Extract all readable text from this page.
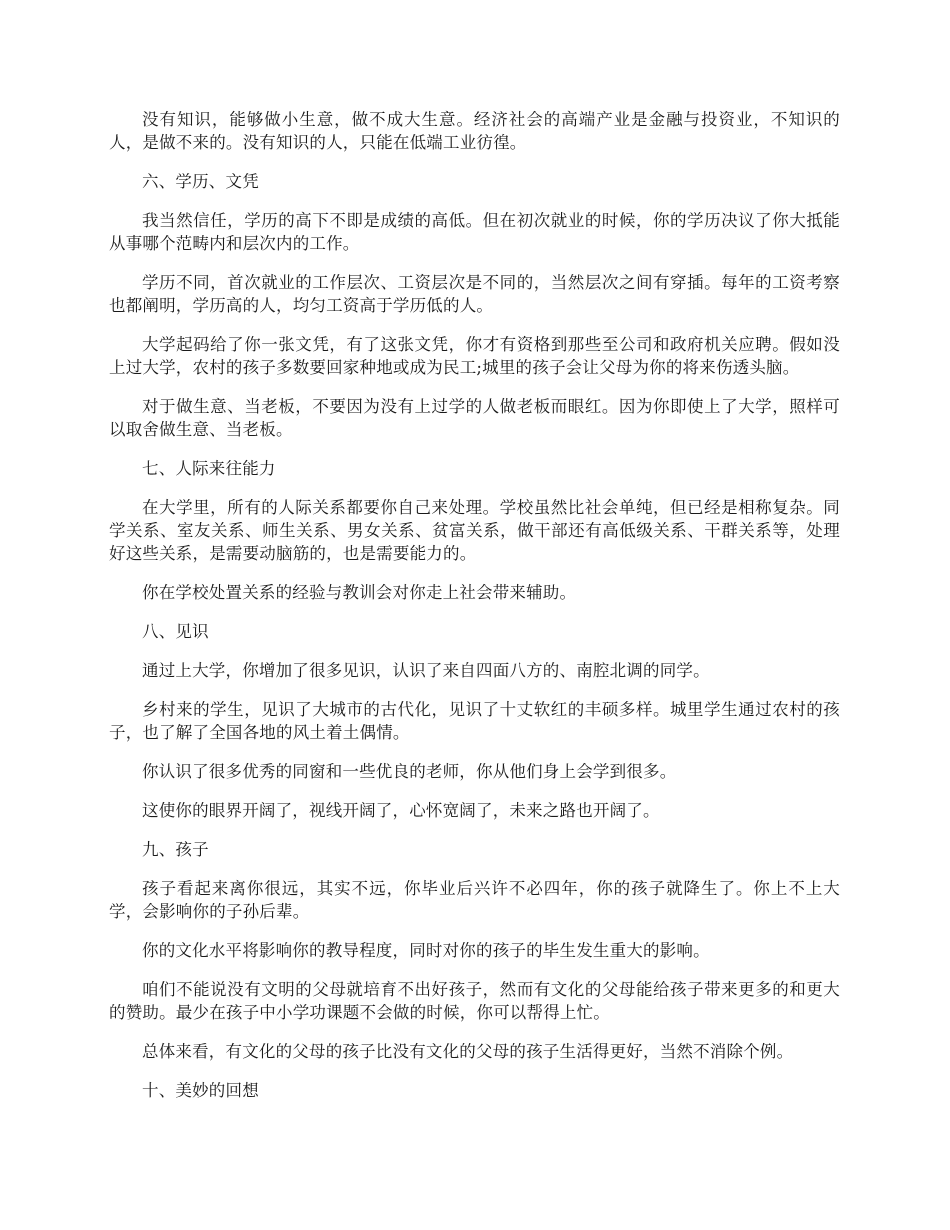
没有知识，能够做小生意，做不成大生意。经济社会的高端产业是金融与投资业，不知识的人，是做不来的。没有知识的人，只能在低端工业彷徨。

六、学历、文凭

我当然信任，学历的高下不即是成绩的高低。但在初次就业的时候，你的学历决议了你大抵能从事哪个范畴内和层次内的工作。

学历不同，首次就业的工作层次、工资层次是不同的，当然层次之间有穿插。每年的工资考察也都阐明，学历高的人，均匀工资高于学历低的人。

大学起码给了你一张文凭，有了这张文凭，你才有资格到那些至公司和政府机关应聘。假如没上过大学，农村的孩子多数要回家种地或成为民工;城里的孩子会让父母为你的将来伤透头脑。

对于做生意、当老板，不要因为没有上过学的人做老板而眼红。因为你即使上了大学，照样可以取舍做生意、当老板。

七、人际来往能力

在大学里，所有的人际关系都要你自己来处理。学校虽然比社会单纯，但已经是相称复杂。同学关系、室友关系、师生关系、男女关系、贫富关系，做干部还有高低级关系、干群关系等，处理好这些关系，是需要动脑筋的，也是需要能力的。

你在学校处置关系的经验与教训会对你走上社会带来辅助。

八、见识

通过上大学，你增加了很多见识，认识了来自四面八方的、南腔北调的同学。

乡村来的学生，见识了大城市的古代化，见识了十丈软红的丰硕多样。城里学生通过农村的孩子，也了解了全国各地的风土着土偶情。

你认识了很多优秀的同窗和一些优良的老师，你从他们身上会学到很多。

这使你的眼界开阔了，视线开阔了，心怀宽阔了，未来之路也开阔了。

九、孩子

孩子看起来离你很远，其实不远，你毕业后兴许不必四年，你的孩子就降生了。你上不上大学，会影响你的子孙后辈。

你的文化水平将影响你的教导程度，同时对你的孩子的毕生发生重大的影响。

咱们不能说没有文明的父母就培育不出好孩子，然而有文化的父母能给孩子带来更多的和更大的赞助。最少在孩子中小学功课题不会做的时候，你可以帮得上忙。

总体来看，有文化的父母的孩子比没有文化的父母的孩子生活得更好，当然不消除个例。

十、美妙的回想
